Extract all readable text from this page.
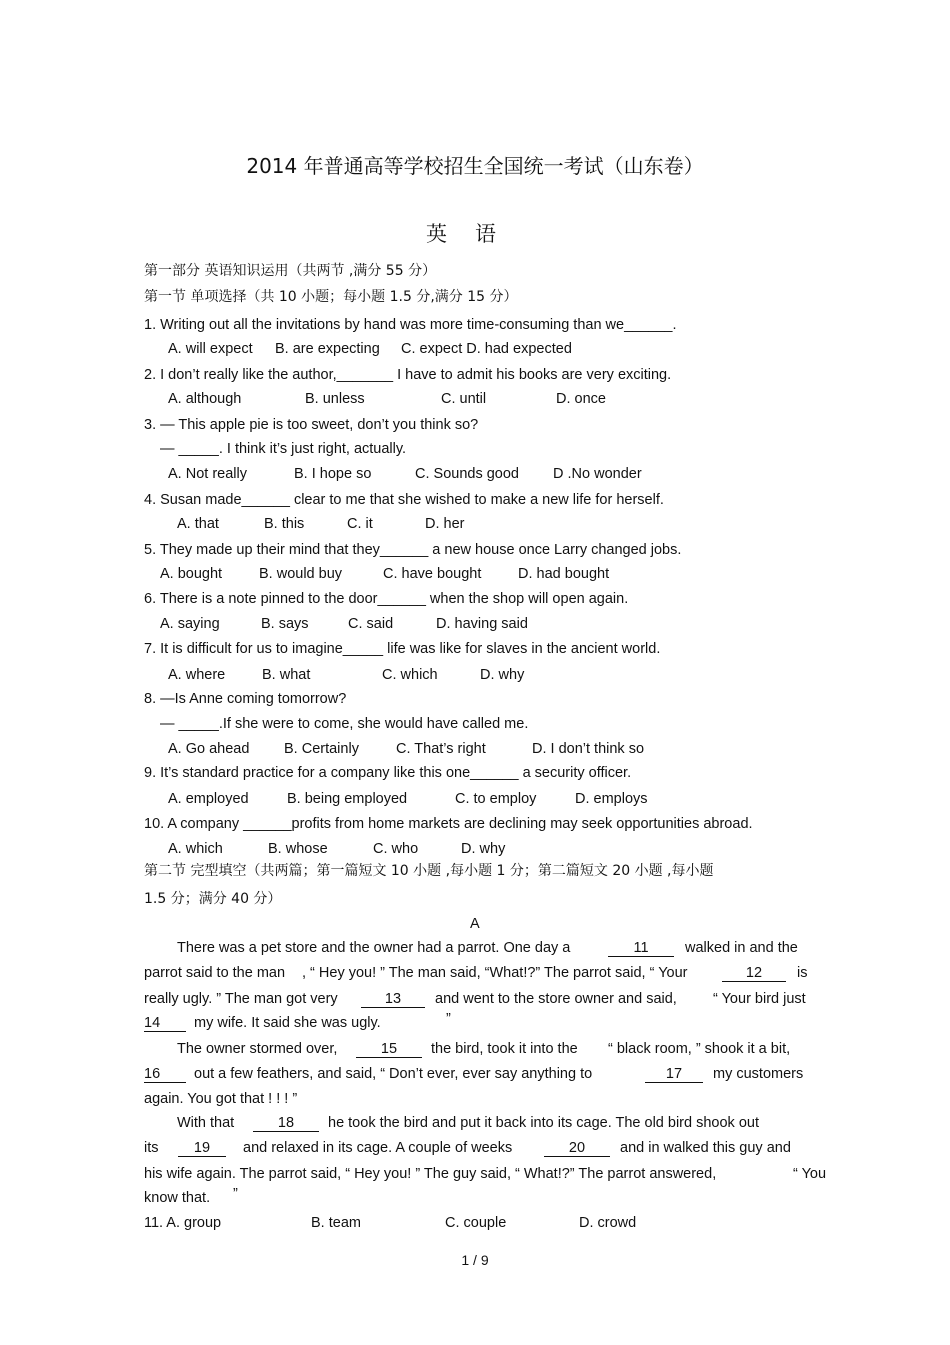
2014 年普通高等学校招生全国统一考试（山东卷）
英语
第一部分 英语知识运用（共两节 ,满分 55 分）
第一节 单项选择（共 10 小题；每小题 1.5 分,满分 15 分）
1. Writing out all the invitations by hand was more time-consuming than we______.
A. will expect B. are expecting C. expect D. had expected
2. I don’t really like the author,_______ I have to admit his books are very exciting.
A. although	B. unless	C. until	D. once
3. — This apple pie is too sweet, don’t you think so?
— _____. I think it’s just right, actually.
A. Not really	B. I hope so	C. Sounds good D .No wonder
4. Susan made______ clear to me that she wished to make a new life for herself.
A. that	B. this	C. it	D. her
5. They made up their mind that they______ a new house once Larry changed jobs.
A. bought	B. would buy	C. have bought	D. had bought
6. There is a note pinned to the door______ when the shop will open again.
A. saying	B. says	C. said	D. having said
7. It is difficult for us to imagine_____ life was like for slaves in the ancient world.
A. where	B. what	C. which	D. why
8. —Is Anne coming tomorrow?
— _____.If she were to come, she would have called me.
A. Go ahead B. Certainly	C. That’s right	D. I don’t think so
9. It’s standard practice for a company like this one______ a security officer.
A. employed	B. being employed	C. to employ	D. employs
10. A company ______profits from home markets are declining may seek opportunities abroad.
A. which	B. whose	C. who	D. why
第二节 完型填空（共两篇；第一篇短文 10 小题 ,每小题 1 分；第二篇短文 20 小题 ,每小题
1.5 分；满分 40 分）
A
There was a pet store and the owner had a parrot. One day a	11	walked in and the
parrot said to the man , “ Hey you! ” The man said, “What!?” The parrot said, “ Your	12	is
really ugly. ” The man got very	13	and went to the store owner and said, “ Your bird just
14	my wife. It said she was ugly.	”
The owner stormed over,	15	the bird, took it into the “ black room, ” shook it a bit,
16	out a few feathers, and said, “ Don’t ever, ever say anything to	17	my customers
again. You got that ! ! ! ”
With that	18	he took the bird and put it back into its cage. The old bird shook out
its	19	and relaxed in its cage. A couple of weeks	20	and in walked this guy and
his wife again. The parrot said, “ Hey you! ” The guy said, “ What!?” The parrot answered,	“ You
know that. ”
11. A. group	B. team	C. couple	D. crowd
1 / 9
